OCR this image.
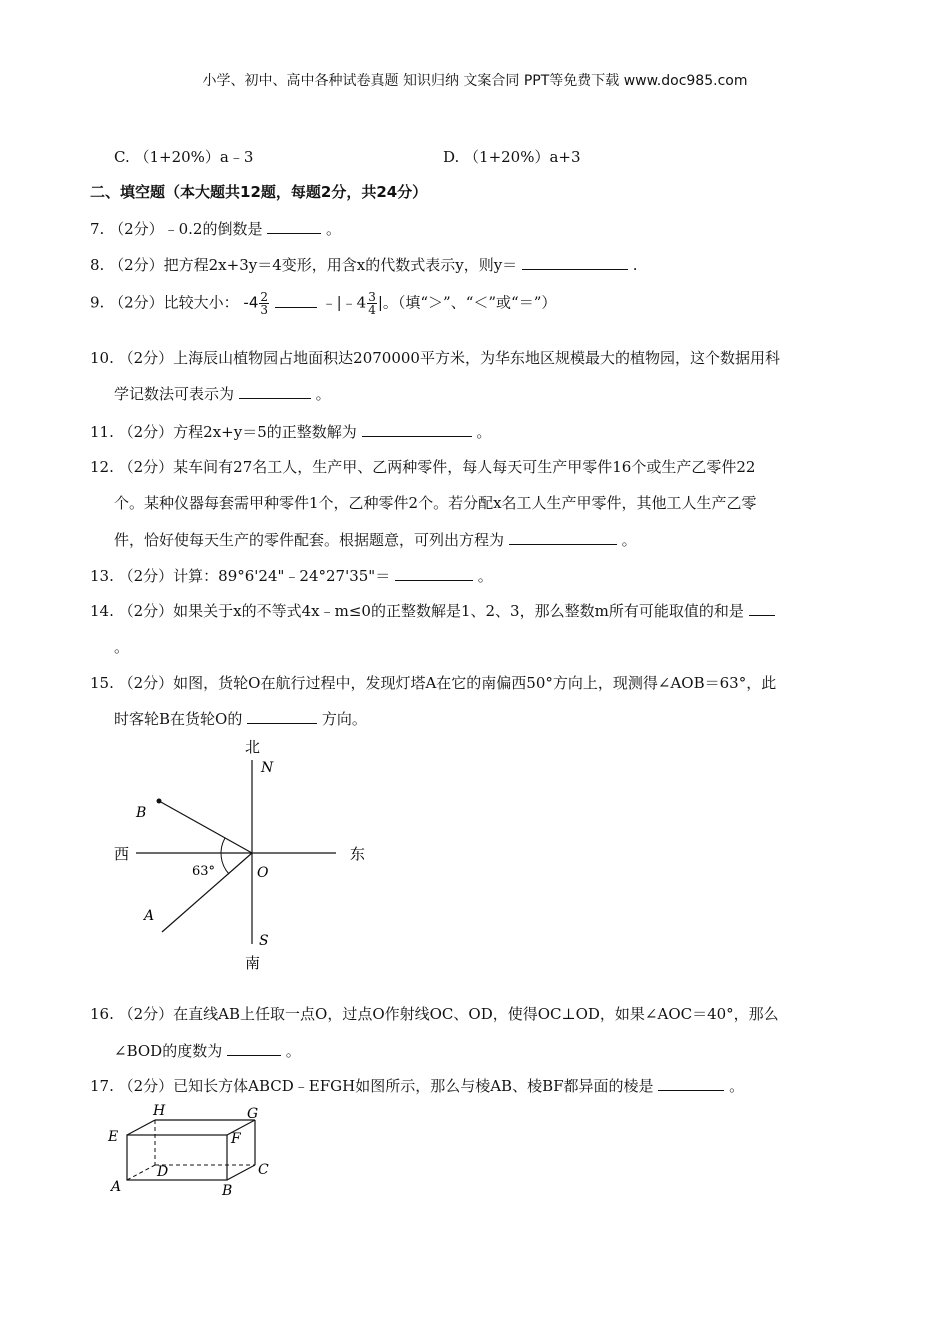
小学、初中、高中各种试卷真题 知识归纳 文案合同 PPT等免费下载 www.doc985.com
C. （1+20%）a﹣3	D. （1+20%）a+3
二、填空题（本大题共12题，每题2分，共24分）
7. （2分）﹣0.2的倒数是	。
8. （2分）把方程2x+3y＝4变形，用含x的代数式表示y，则y＝	.
9. （2分）比较大小： $-4 \frac{2}{3}$	﹣|﹣4 $\frac{3}{4}$ |。（填“＞”、“＜”或“＝”）
10. （2分）上海辰山植物园占地面积达2070000平方米，为华东地区规模最大的植物园，这个数据用科
学记数法可表示为	。
11. （2分）方程2x+y＝5的正整数解为	。
12. （2分）某车间有27名工人，生产甲、乙两种零件，每人每天可生产甲零件16个或生产乙零件22
个。某种仪器每套需甲种零件1个，乙种零件2个。若分配x名工人生产甲零件，其他工人生产乙零
件，恰好使每天生产的零件配套。根据题意，可列出方程为	。
13. （2分）计算：89°6'24"﹣24°27'35"＝	。
14. （2分）如果关于x的不等式4x﹣m≤0的正整数解是1、2、3，那么整数m所有可能取值的和是
。
15. （2分）如图，货轮O在航行过程中，发现灯塔A在它的南偏西50°方向上，现测得∠AOB＝63°，此
时客轮B在货轮O的	方向。
北
N
西	东
B
63°	O
A
S
南
16. （2分）在直线AB上任取一点O，过点O作射线OC、OD，使得OC⊥OD，如果∠AOC＝40°，那么
∠BOD的度数为	。
17. （2分）已知长方体ABCD﹣EFGH如图所示，那么与棱AB、棱BF都异面的棱是	。
E
H	G
F
D	C
A	B
